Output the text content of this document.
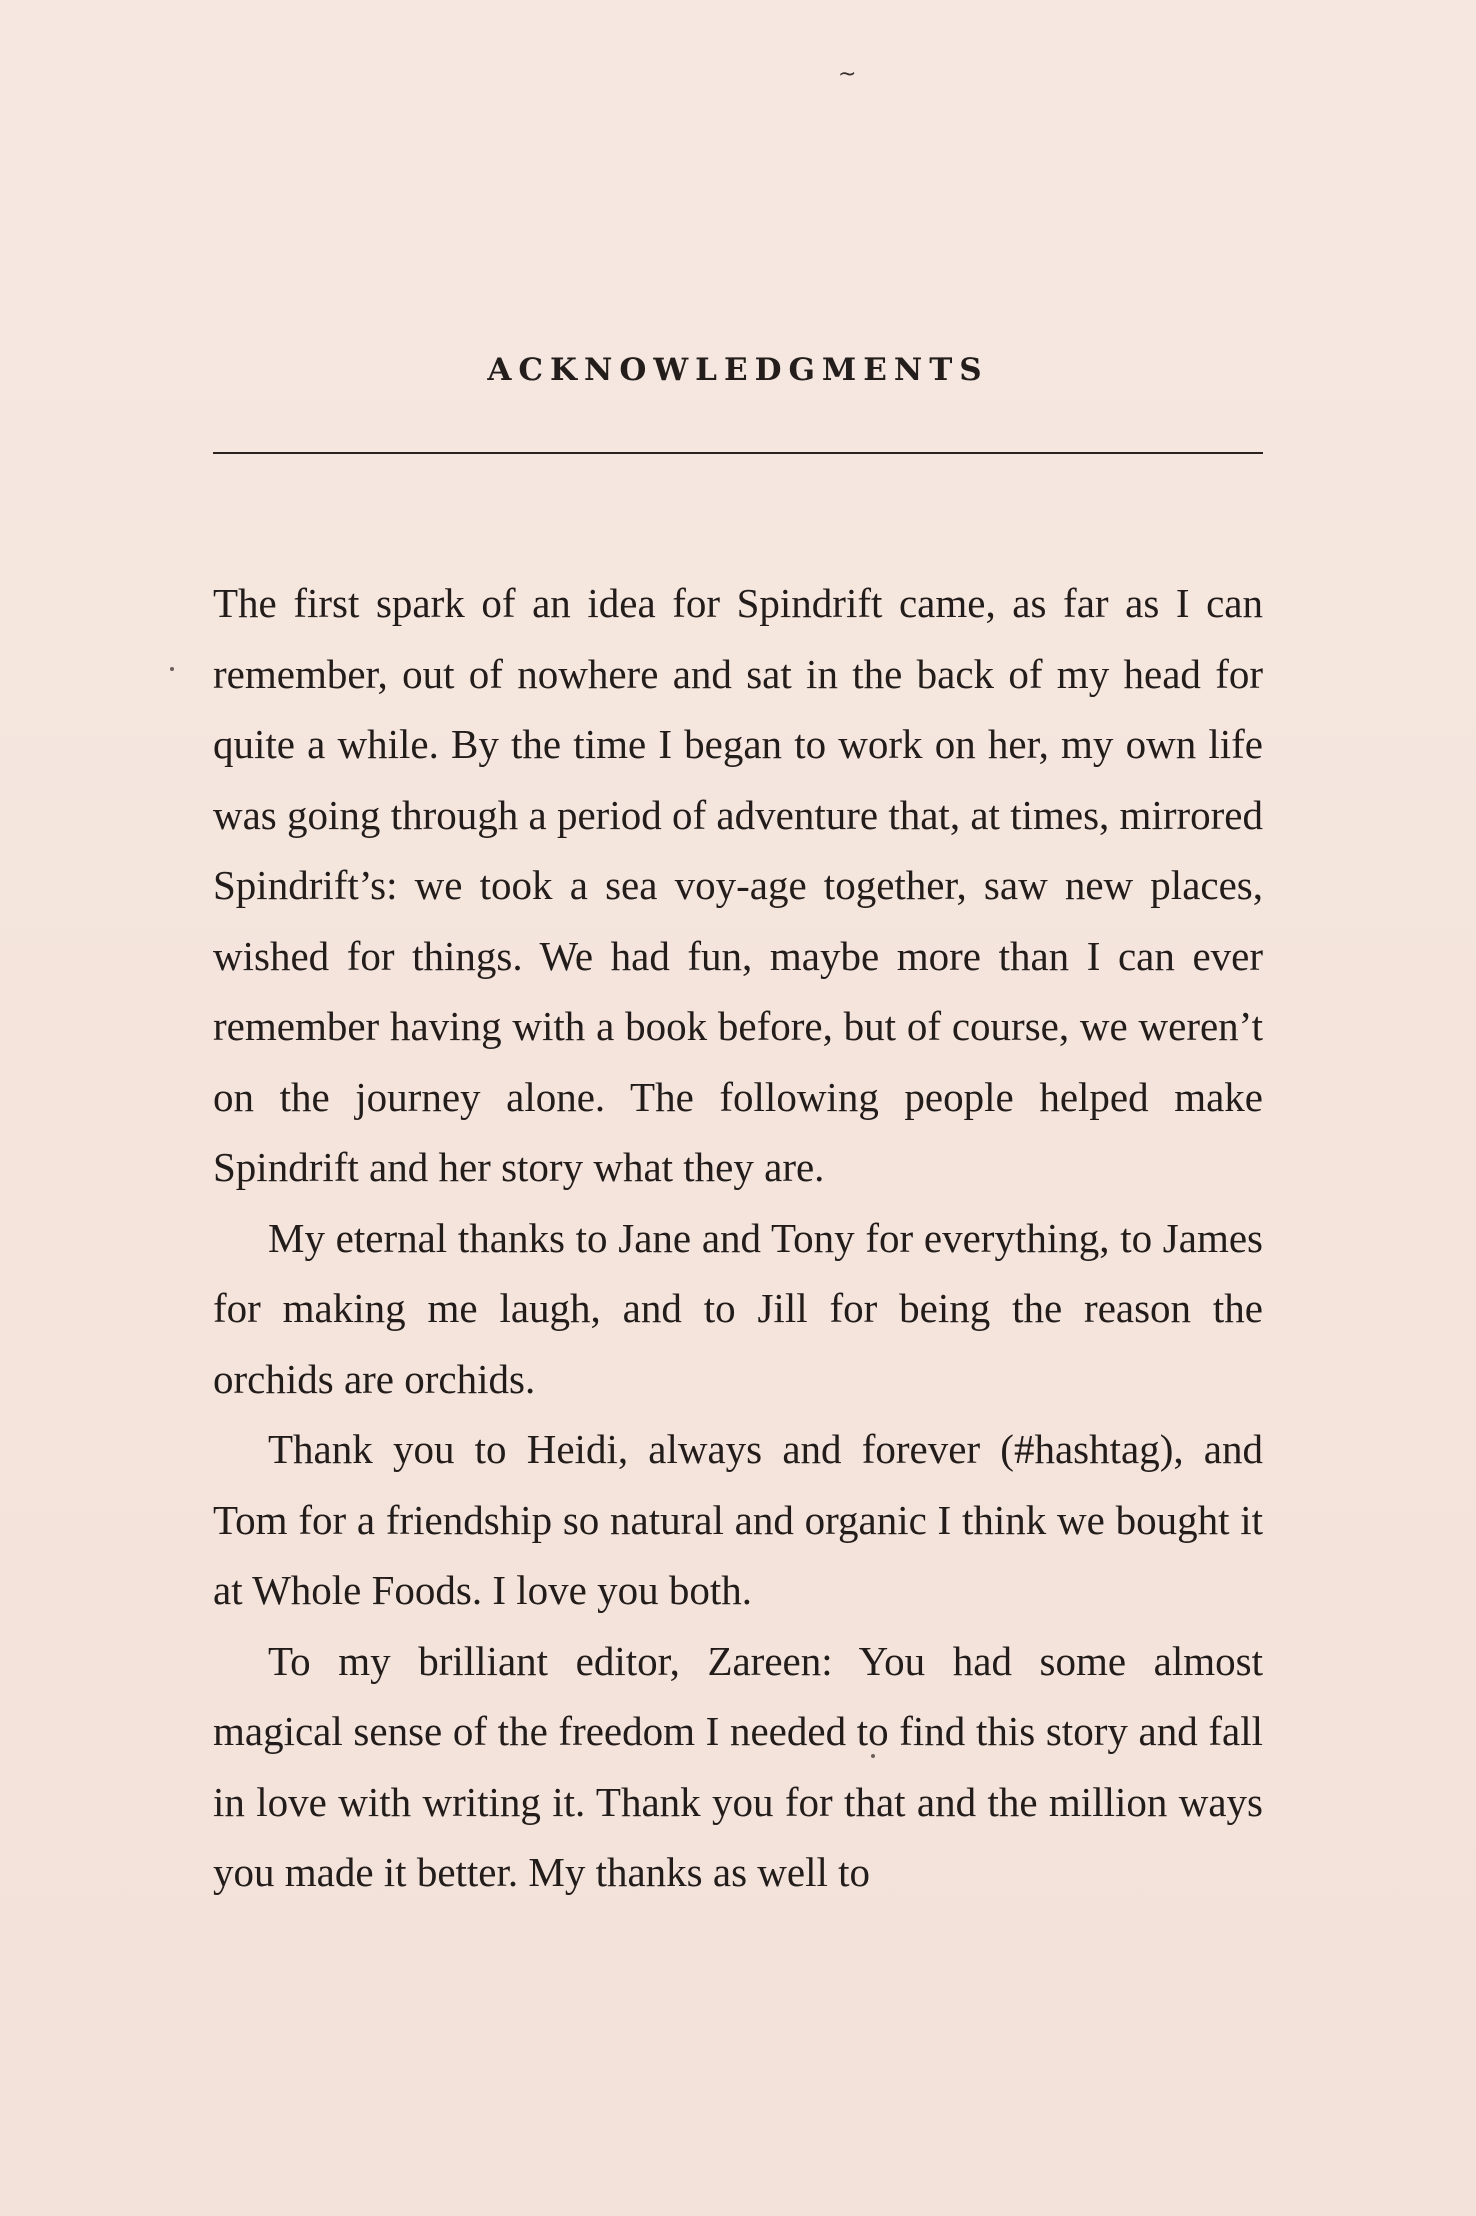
~
ACKNOWLEDGMENTS

The first spark of an idea for Spindrift came, as far as I can remember, out of nowhere and sat in the back of my head for quite a while. By the time I began to work on her, my own life was going through a period of adventure that, at times, mirrored Spindrift’s: we took a sea voy-age together, saw new places, wished for things. We had fun, maybe more than I can ever remember having with a book before, but of course, we weren’t on the journey alone. The following people helped make Spindrift and her story what they are.

My eternal thanks to Jane and Tony for everything, to James for making me laugh, and to Jill for being the reason the orchids are orchids.

Thank you to Heidi, always and forever (#hashtag), and Tom for a friendship so natural and organic I think we bought it at Whole Foods. I love you both.

To my brilliant editor, Zareen: You had some almost magical sense of the freedom I needed to find this story and fall in love with writing it. Thank you for that and the million ways you made it better. My thanks as well to
